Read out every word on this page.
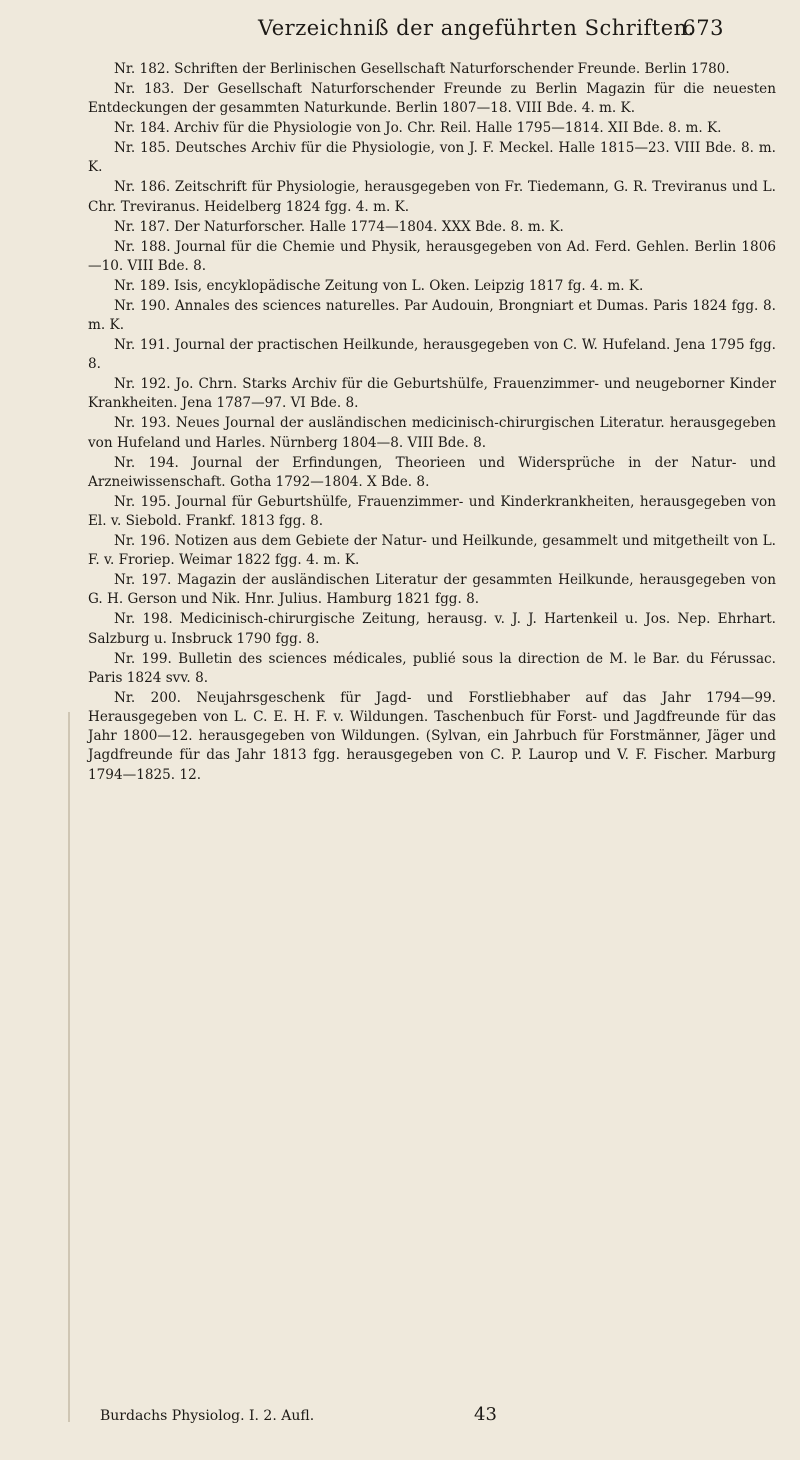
Verzeichniß der angeführten Schriften.
673

Nr. 182. Schriften der Berlinischen Gesellschaft Naturforschender Freunde. Berlin 1780.

Nr. 183. Der Gesellschaft Naturforschender Freunde zu Berlin Magazin für die neuesten Entdeckungen der gesammten Naturkunde. Berlin 1807—18. VIII Bde. 4. m. K.

Nr. 184. Archiv für die Physiologie von Jo. Chr. Reil. Halle 1795—1814. XII Bde. 8. m. K.

Nr. 185. Deutsches Archiv für die Physiologie, von J. F. Meckel. Halle 1815—23. VIII Bde. 8. m. K.

Nr. 186. Zeitschrift für Physiologie, herausgegeben von Fr. Tiedemann, G. R. Treviranus und L. Chr. Treviranus. Heidelberg 1824 fgg. 4. m. K.

Nr. 187. Der Naturforscher. Halle 1774—1804. XXX Bde. 8. m. K.

Nr. 188. Journal für die Chemie und Physik, herausgegeben von Ad. Ferd. Gehlen. Berlin 1806—10. VIII Bde. 8.

Nr. 189. Isis, encyklopädische Zeitung von L. Oken. Leipzig 1817 fg. 4. m. K.

Nr. 190. Annales des sciences naturelles. Par Audouin, Brongniart et Dumas. Paris 1824 fgg. 8. m. K.

Nr. 191. Journal der practischen Heilkunde, herausgegeben von C. W. Hufeland. Jena 1795 fgg. 8.

Nr. 192. Jo. Chrn. Starks Archiv für die Geburtshülfe, Frauenzimmer- und neugeborner Kinder Krankheiten. Jena 1787—97. VI Bde. 8.

Nr. 193. Neues Journal der ausländischen medicinisch-chirurgischen Literatur. herausgegeben von Hufeland und Harles. Nürnberg 1804—8. VIII Bde. 8.

Nr. 194. Journal der Erfindungen, Theorieen und Widersprüche in der Natur- und Arzneiwissenschaft. Gotha 1792—1804. X Bde. 8.

Nr. 195. Journal für Geburtshülfe, Frauenzimmer- und Kinderkrankheiten, herausgegeben von El. v. Siebold. Frankf. 1813 fgg. 8.

Nr. 196. Notizen aus dem Gebiete der Natur- und Heilkunde, gesammelt und mitgetheilt von L. F. v. Froriep. Weimar 1822 fgg. 4. m. K.

Nr. 197. Magazin der ausländischen Literatur der gesammten Heilkunde, herausgegeben von G. H. Gerson und Nik. Hnr. Julius. Hamburg 1821 fgg. 8.

Nr. 198. Medicinisch-chirurgische Zeitung, herausg. v. J. J. Hartenkeil u. Jos. Nep. Ehrhart. Salzburg u. Insbruck 1790 fgg. 8.

Nr. 199. Bulletin des sciences médicales, publié sous la direction de M. le Bar. du Férussac. Paris 1824 svv. 8.

Nr. 200. Neujahrsgeschenk für Jagd- und Forstliebhaber auf das Jahr 1794—99. Herausgegeben von L. C. E. H. F. v. Wildungen. Taschenbuch für Forst- und Jagdfreunde für das Jahr 1800—12. herausgegeben von Wildungen. (Sylvan, ein Jahrbuch für Forstmänner, Jäger und Jagdfreunde für das Jahr 1813 fgg. herausgegeben von C. P. Laurop und V. F. Fischer. Marburg 1794—1825. 12.

Burdachs Physiolog. I. 2. Aufl.	43
